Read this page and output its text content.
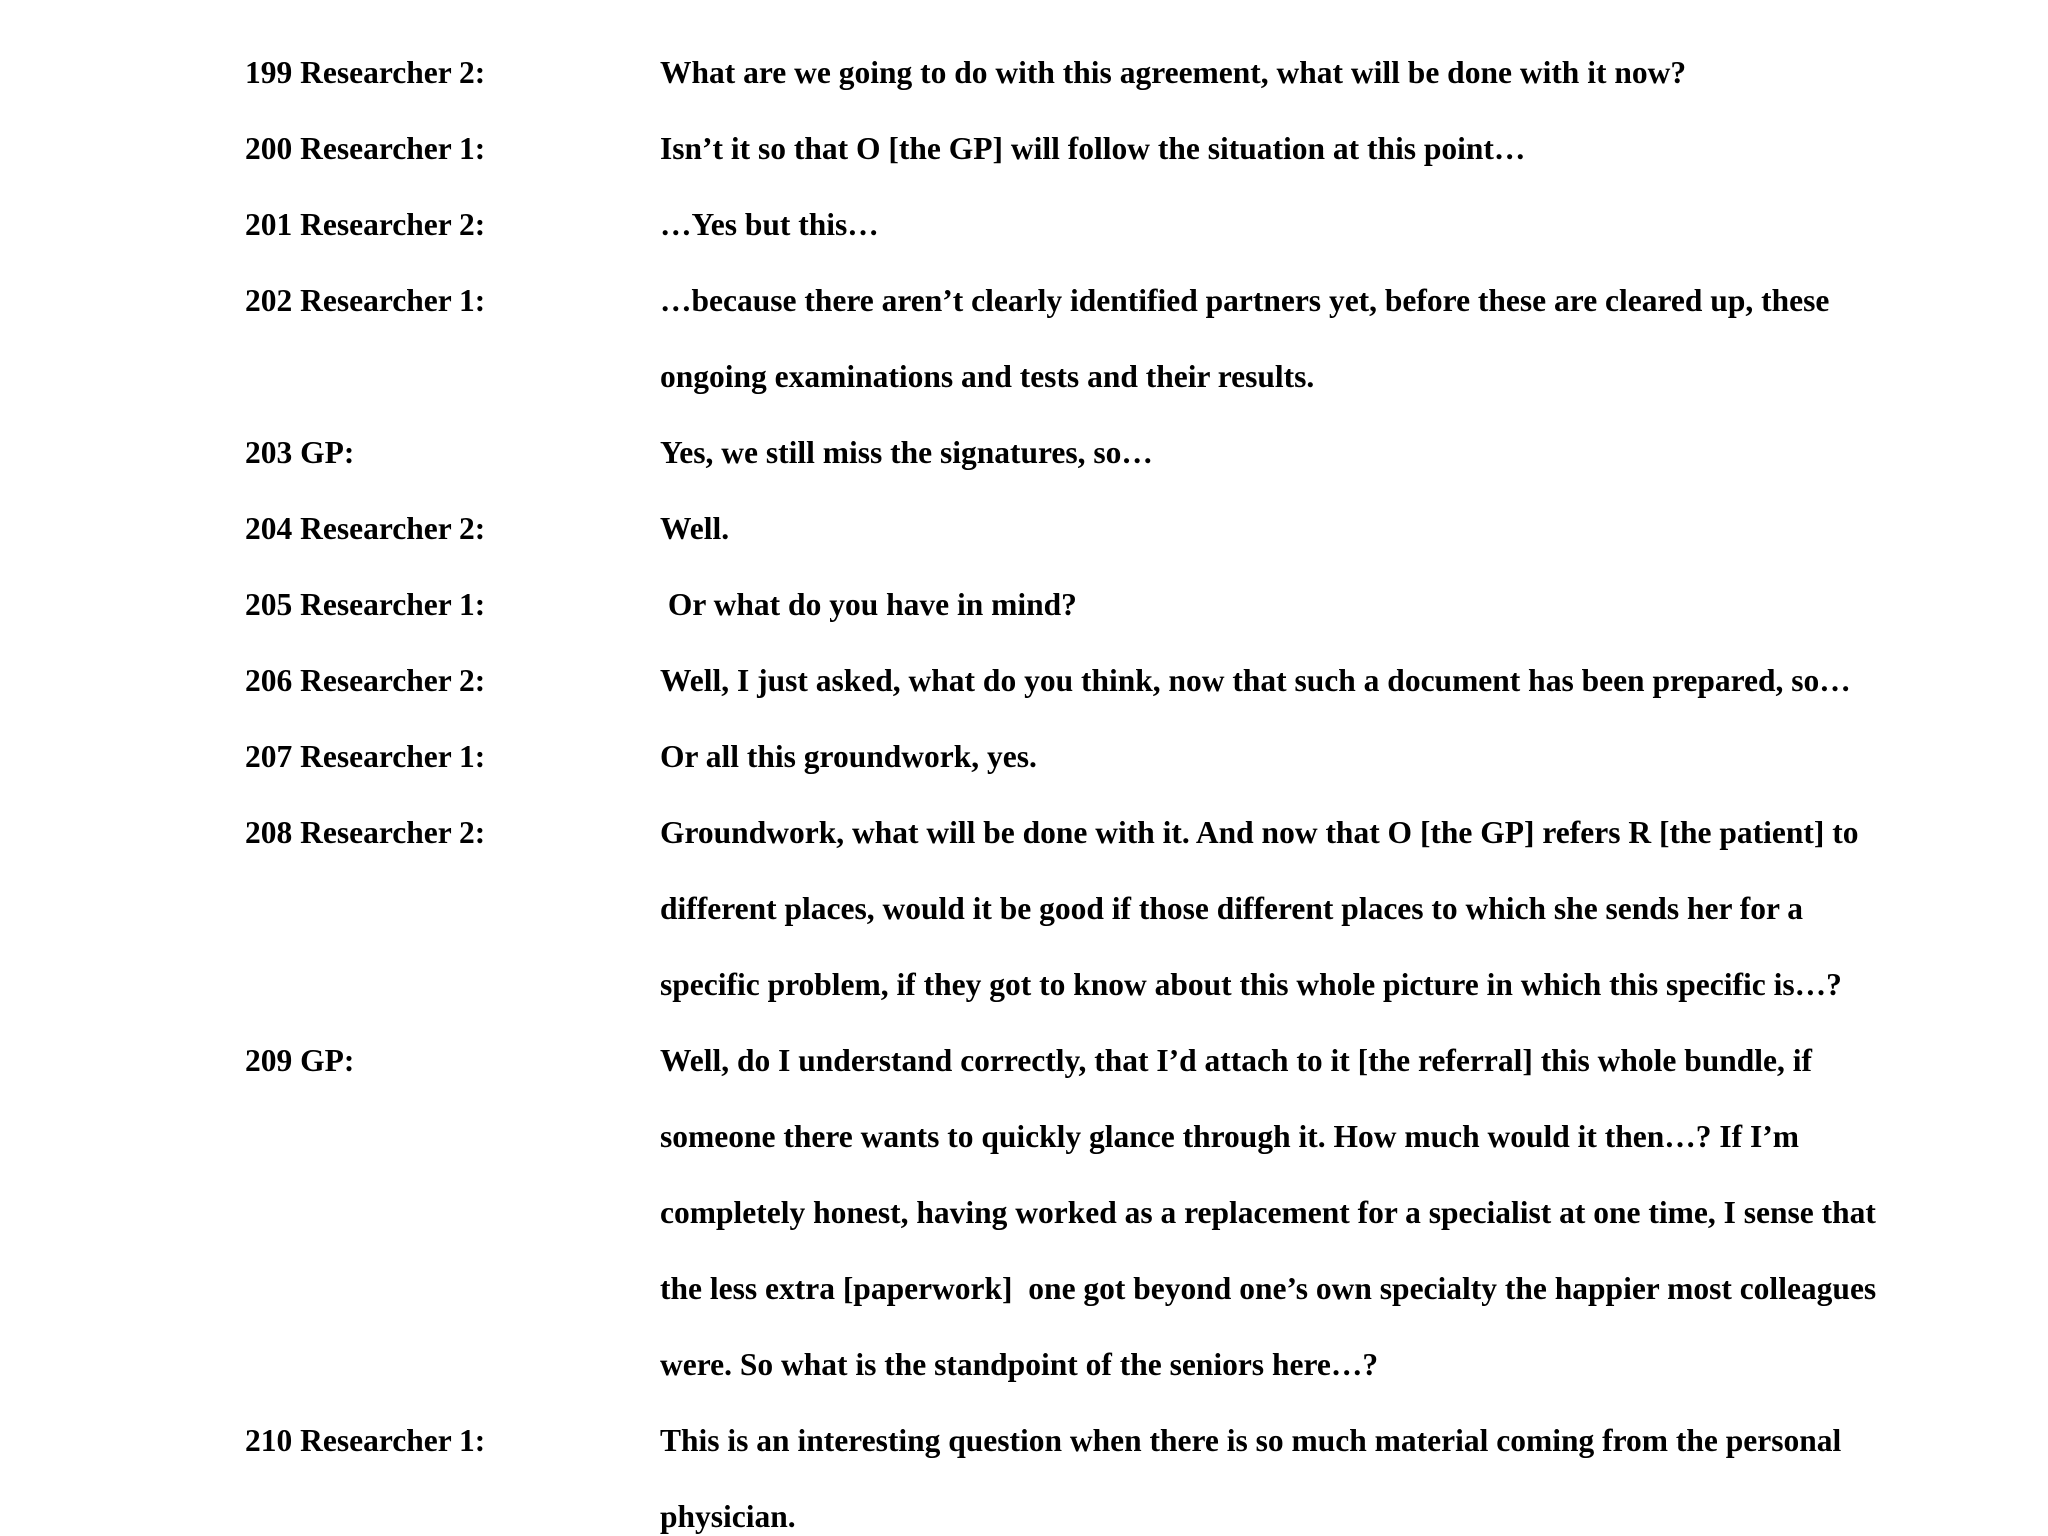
199 Researcher 2:	What are we going to do with this agreement, what will be done with it now?
200 Researcher 1:	Isn’t it so that O [the GP] will follow the situation at this point…
201 Researcher 2:	…Yes but this…
202 Researcher 1:	…because there aren’t clearly identified partners yet, before these are cleared up, these
ongoing examinations and tests and their results.
203 GP:	Yes, we still miss the signatures, so…
204 Researcher 2:	Well.
205 Researcher 1:	Or what do you have in mind?
206 Researcher 2:	Well, I just asked, what do you think, now that such a document has been prepared, so…
207 Researcher 1:	Or all this groundwork, yes.
208 Researcher 2:	Groundwork, what will be done with it. And now that O [the GP] refers R [the patient] to
different places, would it be good if those different places to which she sends her for a
specific problem, if they got to know about this whole picture in which this specific is…?
209 GP:	Well, do I understand correctly, that I’d attach to it [the referral] this whole bundle, if
someone there wants to quickly glance through it. How much would it then…? If I’m
completely honest, having worked as a replacement for a specialist at one time, I sense that
the less extra [paperwork]  one got beyond one’s own specialty the happier most colleagues
were. So what is the standpoint of the seniors here…?
210 Researcher 1:	This is an interesting question when there is so much material coming from the personal
physician.
